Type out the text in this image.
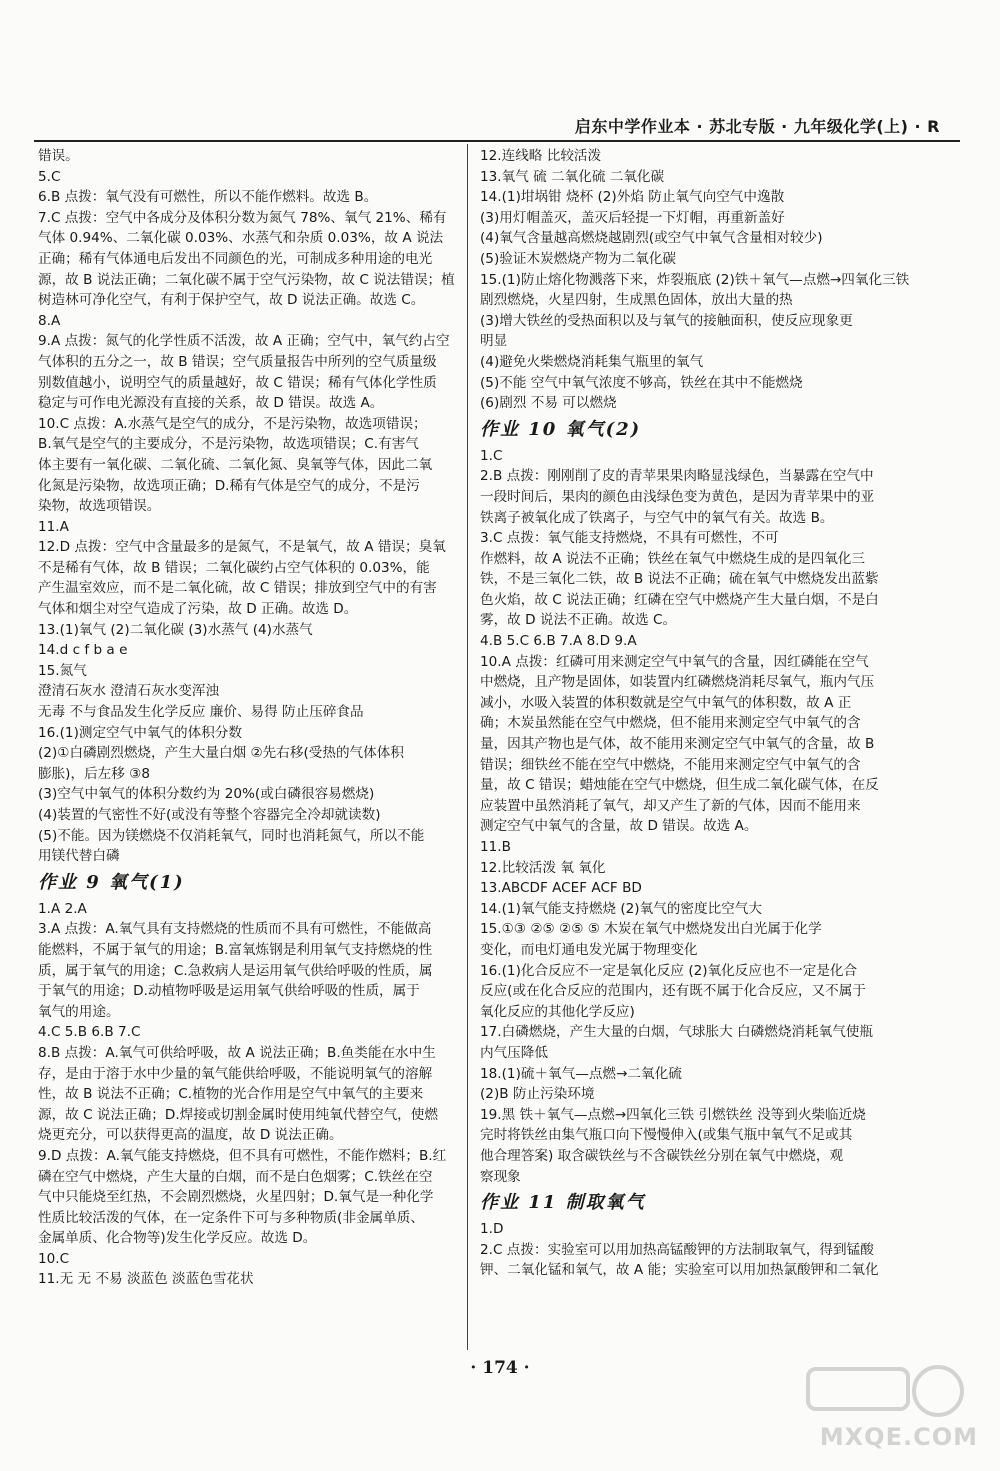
启东中学作业本 · 苏北专版 · 九年级化学(上) · R
错误。
5.C
6.B 点拨：氧气没有可燃性，所以不能作燃料。故选 B。
7.C 点拨：空气中各成分及体积分数为氮气 78%、氧气 21%、稀有
气体 0.94%、二氧化碳 0.03%、水蒸气和杂质 0.03%，故 A 说法
正确；稀有气体通电后发出不同颜色的光，可制成多种用途的电光
源，故 B 说法正确；二氧化碳不属于空气污染物，故 C 说法错误；植
树造林可净化空气，有利于保护空气，故 D 说法正确。故选 C。
8.A
9.A 点拨：氮气的化学性质不活泼，故 A 正确；空气中，氧气约占空
气体积的五分之一，故 B 错误；空气质量报告中所列的空气质量级
别数值越小，说明空气的质量越好，故 C 错误；稀有气体化学性质
稳定与可作电光源没有直接的关系，故 D 错误。故选 A。
10.C 点拨：A.水蒸气是空气的成分，不是污染物，故选项错误；
B.氧气是空气的主要成分，不是污染物，故选项错误；C.有害气
体主要有一氧化碳、二氧化硫、二氧化氮、臭氧等气体，因此二氧
化氮是污染物，故选项正确；D.稀有气体是空气的成分，不是污
染物，故选项错误。
11.A
12.D 点拨：空气中含量最多的是氮气，不是氧气，故 A 错误；臭氧
不是稀有气体，故 B 错误；二氧化碳约占空气体积的 0.03%，能
产生温室效应，而不是二氧化硫，故 C 错误；排放到空气中的有害
气体和烟尘对空气造成了污染，故 D 正确。故选 D。
13.(1)氧气 (2)二氧化碳 (3)水蒸气 (4)水蒸气
14.d c f b a e
15.氮气
澄清石灰水 澄清石灰水变浑浊
无毒 不与食品发生化学反应 廉价、易得 防止压碎食品
16.(1)测定空气中氧气的体积分数
(2)①白磷剧烈燃烧，产生大量白烟 ②先右移(受热的气体体积
膨胀)，后左移 ③8
(3)空气中氧气的体积分数约为 20%(或白磷很容易燃烧)
(4)装置的气密性不好(或没有等整个容器完全冷却就读数)
(5)不能。因为镁燃烧不仅消耗氧气，同时也消耗氮气，所以不能
用镁代替白磷
作业 9 氧气(1)
1.A 2.A
3.A 点拨：A.氧气具有支持燃烧的性质而不具有可燃性，不能做高
能燃料，不属于氧气的用途；B.富氧炼钢是利用氧气支持燃烧的性
质，属于氧气的用途；C.急救病人是运用氧气供给呼吸的性质，属
于氧气的用途；D.动植物呼吸是运用氧气供给呼吸的性质，属于
氧气的用途。
4.C 5.B 6.B 7.C
8.B 点拨：A.氧气可供给呼吸，故 A 说法正确；B.鱼类能在水中生
存，是由于溶于水中少量的氧气能供给呼吸，不能说明氧气的溶解
性，故 B 说法不正确；C.植物的光合作用是空气中氧气的主要来
源，故 C 说法正确；D.焊接或切割金属时使用纯氧代替空气，使燃
烧更充分，可以获得更高的温度，故 D 说法正确。
9.D 点拨：A.氧气能支持燃烧，但不具有可燃性，不能作燃料；B.红
磷在空气中燃烧，产生大量的白烟，而不是白色烟雾；C.铁丝在空
气中只能烧至红热，不会剧烈燃烧，火星四射；D.氧气是一种化学
性质比较活泼的气体，在一定条件下可与多种物质(非金属单质、
金属单质、化合物等)发生化学反应。故选 D。
10.C
11.无 无 不易 淡蓝色 淡蓝色雪花状
12.连线略 比较活泼
13.氧气 硫 二氧化硫 二氧化碳
14.(1)坩埚钳 烧杯 (2)外焰 防止氧气向空气中逸散
(3)用灯帽盖灭，盖灭后轻提一下灯帽，再重新盖好
(4)氧气含量越高燃烧越剧烈(或空气中氧气含量相对较少)
(5)验证木炭燃烧产物为二氧化碳
15.(1)防止熔化物溅落下来，炸裂瓶底 (2)铁＋氧气—点燃→四氧化三铁
剧烈燃烧，火星四射，生成黑色固体，放出大量的热
(3)增大铁丝的受热面积以及与氧气的接触面积，使反应现象更
明显
(4)避免火柴燃烧消耗集气瓶里的氧气
(5)不能 空气中氧气浓度不够高，铁丝在其中不能燃烧
(6)剧烈 不易 可以燃烧
作业 10 氧气(2)
1.C
2.B 点拨：刚刚削了皮的青苹果果肉略显浅绿色，当暴露在空气中
一段时间后，果肉的颜色由浅绿色变为黄色，是因为青苹果中的亚
铁离子被氧化成了铁离子，与空气中的氧气有关。故选 B。
3.C 点拨：氧气能支持燃烧，不具有可燃性，不可
作燃料，故 A 说法不正确；铁丝在氧气中燃烧生成的是四氧化三
铁，不是三氧化二铁，故 B 说法不正确；硫在氧气中燃烧发出蓝紫
色火焰，故 C 说法正确；红磷在空气中燃烧产生大量白烟，不是白
雾，故 D 说法不正确。故选 C。
4.B 5.C 6.B 7.A 8.D 9.A
10.A 点拨：红磷可用来测定空气中氧气的含量，因红磷能在空气
中燃烧，且产物是固体，如装置内红磷燃烧消耗尽氧气，瓶内气压
减小，水吸入装置的体积数就是空气中氧气的体积数，故 A 正
确；木炭虽然能在空气中燃烧，但不能用来测定空气中氧气的含
量，因其产物也是气体，故不能用来测定空气中氧气的含量，故 B
错误；细铁丝不能在空气中燃烧，不能用来测定空气中氧气的含
量，故 C 错误；蜡烛能在空气中燃烧，但生成二氧化碳气体，在反
应装置中虽然消耗了氧气，却又产生了新的气体，因而不能用来
测定空气中氧气的含量，故 D 错误。故选 A。
11.B
12.比较活泼 氧 氧化
13.ABCDF ACEF ACF BD
14.(1)氧气能支持燃烧 (2)氧气的密度比空气大
15.①③ ②⑤ ②⑤ ⑤ 木炭在氧气中燃烧发出白光属于化学
变化，而电灯通电发光属于物理变化
16.(1)化合反应不一定是氧化反应 (2)氧化反应也不一定是化合
反应(或在化合反应的范围内，还有既不属于化合反应，又不属于
氧化反应的其他化学反应)
17.白磷燃烧，产生大量的白烟，气球胀大 白磷燃烧消耗氧气使瓶
内气压降低
18.(1)硫＋氧气—点燃→二氧化硫
(2)B 防止污染环境
19.黑 铁＋氧气—点燃→四氧化三铁 引燃铁丝 没等到火柴临近烧
完时将铁丝由集气瓶口向下慢慢伸入(或集气瓶中氧气不足或其
他合理答案) 取含碳铁丝与不含碳铁丝分别在氧气中燃烧，观
察现象
作业 11 制取氧气
1.D
2.C 点拨：实验室可以用加热高锰酸钾的方法制取氧气，得到锰酸
钾、二氧化锰和氧气，故 A 能；实验室可以用加热氯酸钾和二氧化
· 174 ·
MXQE.COM
